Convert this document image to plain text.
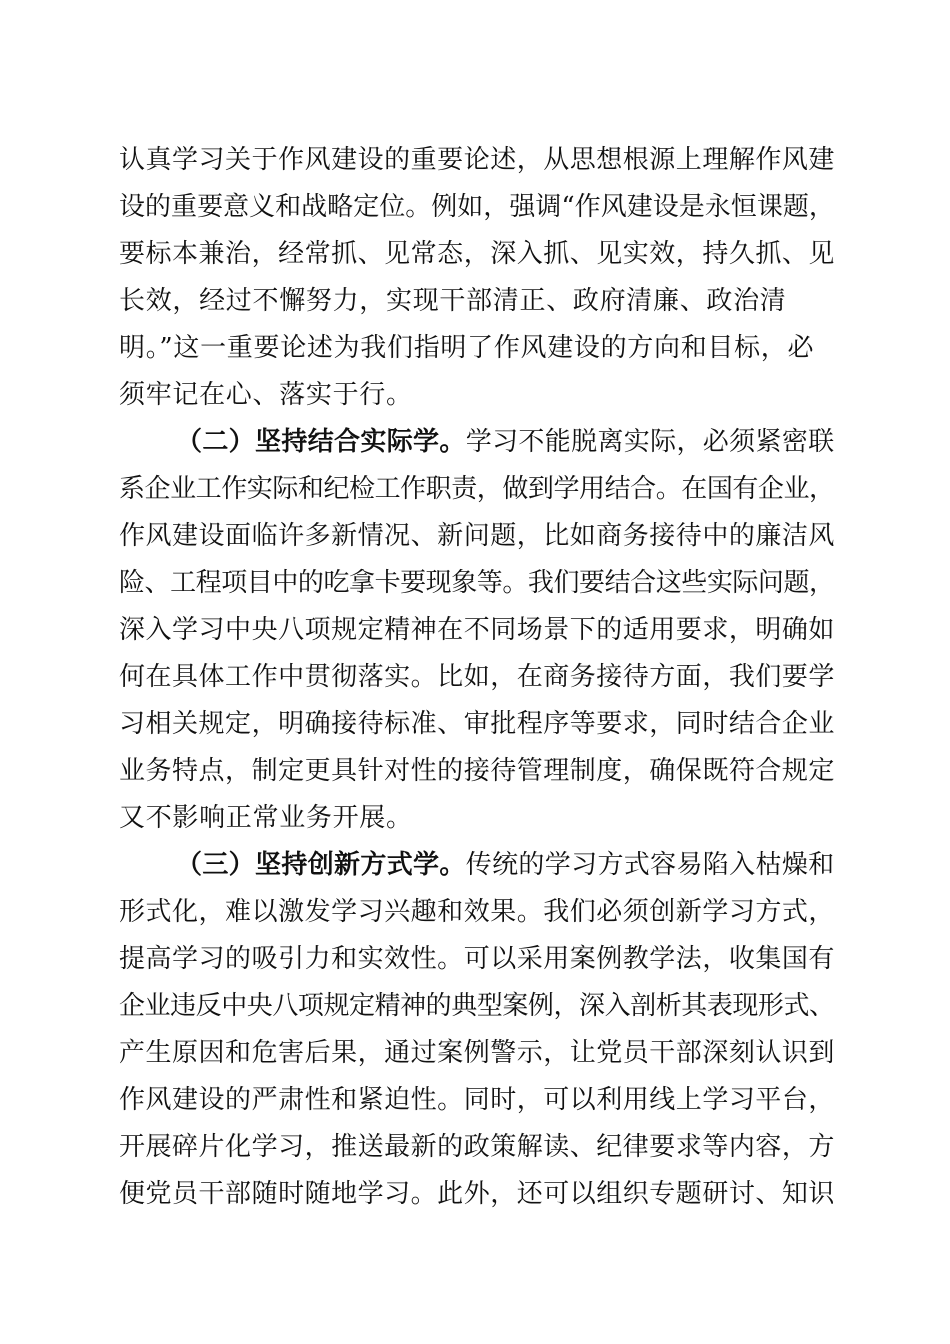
认真学习关于作风建设的重要论述，从思想根源上理解作风建
设的重要意义和战略定位。例如，强调“作风建设是永恒课题，
要标本兼治，经常抓、见常态，深入抓、见实效，持久抓、见
长效，经过不懈努力，实现干部清正、政府清廉、政治清
明。”这一重要论述为我们指明了作风建设的方向和目标，必
须牢记在心、落实于行。
（二）坚持结合实际学。学习不能脱离实际，必须紧密联
系企业工作实际和纪检工作职责，做到学用结合。在国有企业，
作风建设面临许多新情况、新问题，比如商务接待中的廉洁风
险、工程项目中的吃拿卡要现象等。我们要结合这些实际问题，
深入学习中央八项规定精神在不同场景下的适用要求，明确如
何在具体工作中贯彻落实。比如，在商务接待方面，我们要学
习相关规定，明确接待标准、审批程序等要求，同时结合企业
业务特点，制定更具针对性的接待管理制度，确保既符合规定
又不影响正常业务开展。
（三）坚持创新方式学。传统的学习方式容易陷入枯燥和
形式化，难以激发学习兴趣和效果。我们必须创新学习方式，
提高学习的吸引力和实效性。可以采用案例教学法，收集国有
企业违反中央八项规定精神的典型案例，深入剖析其表现形式、
产生原因和危害后果，通过案例警示，让党员干部深刻认识到
作风建设的严肃性和紧迫性。同时，可以利用线上学习平台，
开展碎片化学习，推送最新的政策解读、纪律要求等内容，方
便党员干部随时随地学习。此外，还可以组织专题研讨、知识
